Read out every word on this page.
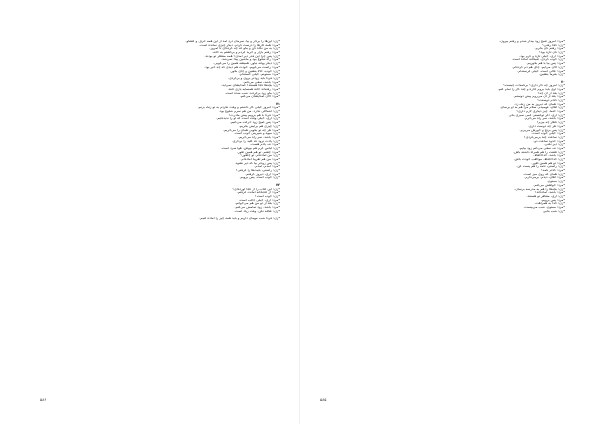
*زن: این‌ها را بردار و بیا. سرمان درد آمد از این همه حرف و گفتگو.
*مرد: همهٔ کارها را درست کردم. دیگر چیزی نمانده است.
*زن: به من نگاه کن و بگو که چه کرده‌ای تا امروز.
*مرد: رفتم بازار و خرید کردم و برگشتم به خانه.
*زن: پس چرا این قدر دیر آمدی؟ همه منتظر تو بودند.
*مرد: راه شلوغ بود و ماشین پیدا نمی‌شد.
*زن: دیگر بهانه نیاور. همیشه همین را می‌گویی.
*مرد: راست می‌گویم. خودت هم دیدی که چه خبر بود.
*زن: خوب، حالا بنشین و چای بخور.
*مرد: ممنونم. خیلی خسته‌ام.
*زن: فردا باید زودتر بروی و برگردی.
*مرد: باشد، سعی می‌کنم.
*زن: بچه‌ها کجا هستند؟ صدایشان نمی‌آید.
*مرد: رفته‌اند خانهٔ همسایه بازی کنند.
*زن: بگو زود برگردند. شب شده است.
*مرد: الان صدایشان می‌کنم.
۷۱
*مرد: امروز خیلی کار داشتم و وقت نکردم به تو زنگ بزنم.
*زن: اشکالی ندارد. من هم سرم شلوغ بود.
*مرد: فردا با هم برویم پیش مادرت؟
*زن: آری، خیلی وقت است که او را ندیده‌ایم.
*مرد: پس صبح زود حرکت می‌کنیم.
*زن: چیزی هم برایش بخریم.
*مرد: هر چه تو بگویی همان را می‌خریم.
*زن: میوه و شیرینی خوب است.
*مرد: باشد. سر راه می‌خریم.
*زن: یادت نرود که کلید را برداری.
*مرد: نه، یادم هست.
*زن: لباس گرم هم بپوش. هوا سرد است.
*مرد: چشم. تو هم همین طور.
*زن: من آماده‌ام. تو چطور؟
*مرد: من هم تقریباً آماده‌ام.
*زن: پس زودتر بیا که دیر نشود.
*مرد: آمدم، آمدم.
*زن: راستی، بلیت‌ها را گرفتی؟
*مرد: آری، دیروز گرفتم.
*زن: خوب است. پس برویم.
۷۲
*زن: این کتاب را از کجا آورده‌ای؟
*مرد: از کتابخانه امانت گرفتم.
*زن: خوب است؟
*مرد: آری، خیلی جالب است.
*زن: بعد از تو من هم می‌خوانم.
*مرد: باشد. زود تمامش می‌کنم.
*زن: عجله نکن. وقت زیاد است.
*زن: فردا شب مهمان داریم و باید همه چیز را آماده کنیم.
۵۸۶
*مرد: امروز صبح زود بیدار شدم و رفتم بیرون.
*زن: کجا رفتی؟
*مرد: رفتم نان بخرم.
*زن: نان تازه بود؟
*مرد: آری، خیلی تازه و گرم بود.
*زن: خوب کردی. صبحانه آماده است.
*مرد: پس بیا با هم بخوریم.
*زن: الان می‌آیم. چای هم دم کرده‌ام.
*مرد: عالی است. خیلی گرسنه‌ام.
*زن: بفرما بنشین.
۷۰
*زن: امروز چه کار داری؟ برنامه‌ات چیست؟
*مرد: اول باید بروم اداره و چند کار را تمام کنم.
*زن: بعد از آن چه؟
*مرد: بعد از آن می‌روم پیش دوستم.
*زن: کدام دوستت؟
*مرد: همان که دیروز به من زنگ زد.
*زن: آهان، فهمیدم. سلام مرا هم به او برسان.
*مرد: حتماً. چیز دیگری لازم داری؟
*زن: آری، اگر توانستی کمی سبزی بخر.
*مرد: باشد، سر راه می‌خرم.
*زن: ناهار چه بپزم؟
*مرد: هر چه دوست داری.
*زن: پس برنج و خورش می‌پزم.
*مرد: خیلی خوب است.
*زن: ساعت چند برمی‌گردی؟
*مرد: حدود ساعت دو.
*زن: دیر نکنی.
*مرد: نه، سعی می‌کنم زود بیایم.
*زن: تلفنت را هم همراه داشته باش.
*مرد: باشد. خداحافظ.
*زن: خداحافظ. مواظب خودت باش.
*مرد: تو هم همین طور.
*زن: راستی، نامه را هم پست کن.
*مرد: کدام نامه؟
*زن: همان که روی میز است.
*مرد: آهان، دیدم. برمی‌دارم.
*زن: ممنون.
*مرد: خواهش می‌کنم.
*زن: بچه‌ها را هم به مدرسه برسان.
*مرد: باشد. آماده‌اند؟
*زن: آری، منتظر تو هستند.
*مرد: پس برویم.
*زن: خدا به همراهت.
*مرد: ممنون. شب می‌بینمت.
*زن: شب بخیر.
۵۸۵
